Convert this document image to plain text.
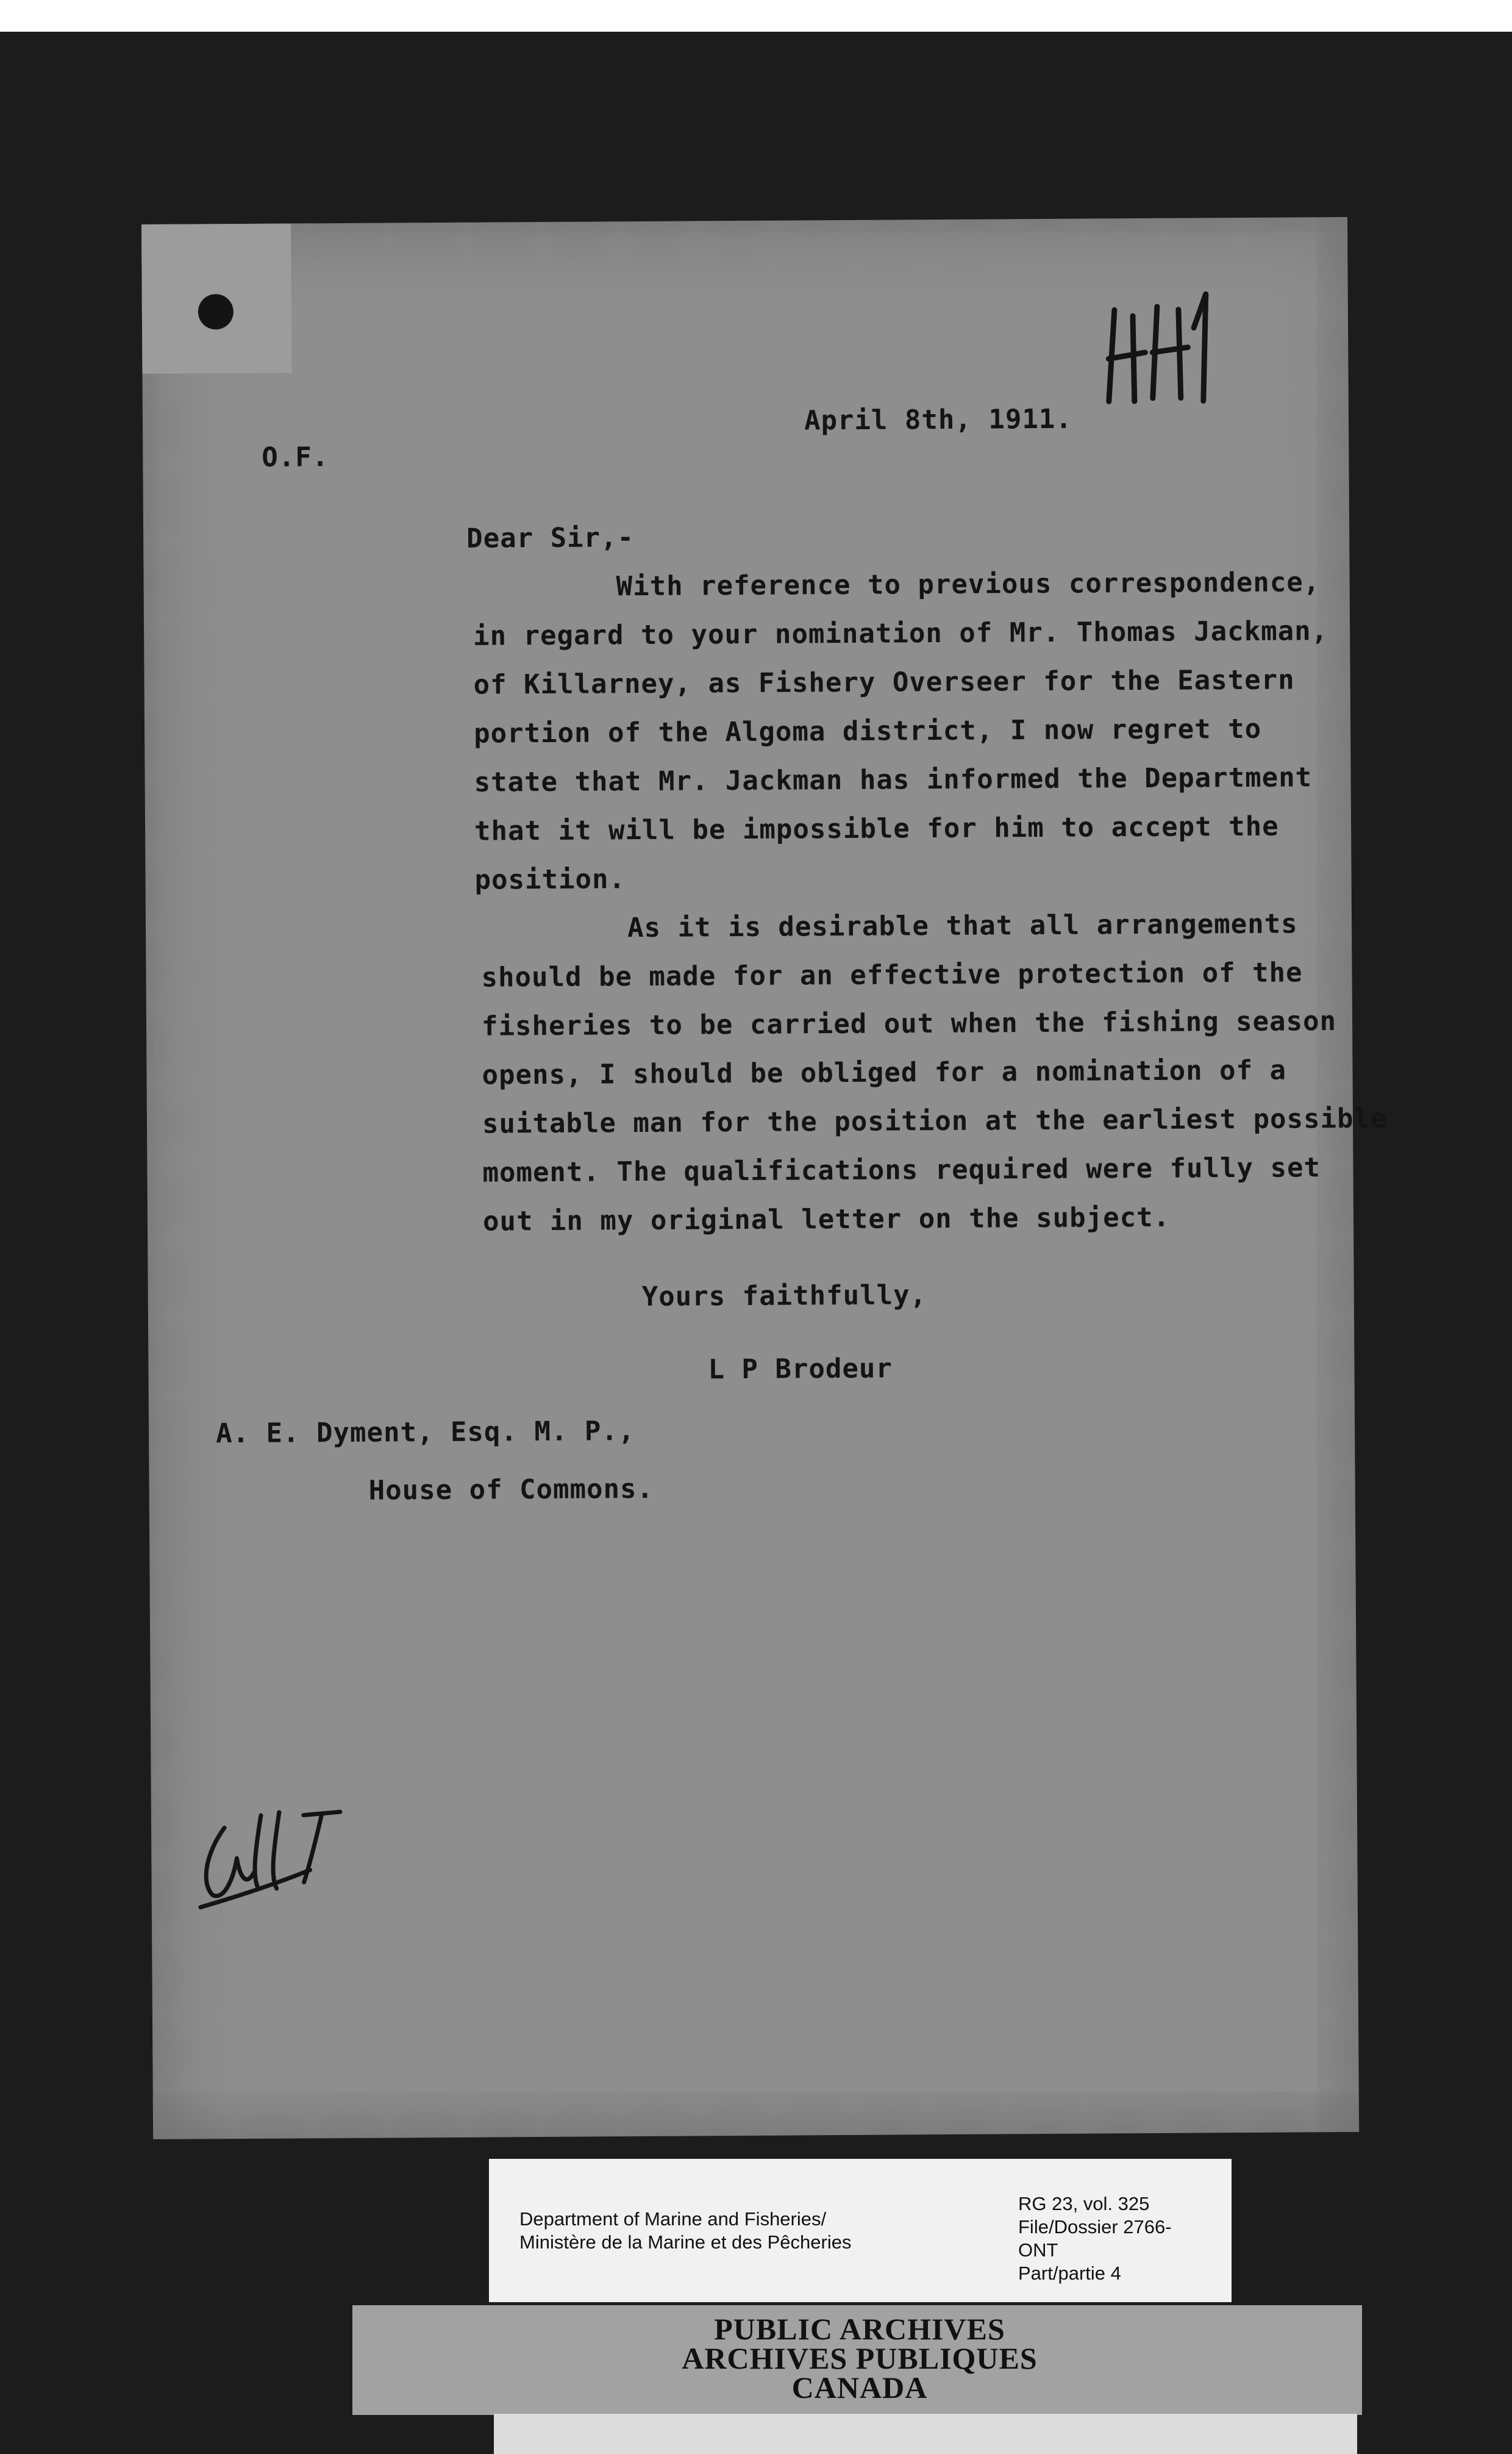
O.F.
April 8th, 1911.
Dear Sir,-
With reference to previous correspondence,
in regard to your nomination of Mr. Thomas Jackman,
of Killarney, as Fishery Overseer for the Eastern
portion of the Algoma district, I now regret to
state that Mr. Jackman has informed the Department
that it will be impossible for him to accept the
position.
As it is desirable that all arrangements
should be made for an effective protection of the
fisheries to be carried out when the fishing season
opens, I should be obliged for a nomination of a
suitable man for the position at the earliest possible
moment. The qualifications required were fully set
out in my original letter on the subject.
Yours faithfully,
L P Brodeur
A. E. Dyment, Esq. M. P.,
House of Commons.
Department of Marine and Fisheries/
Ministère de la Marine et des Pêcheries
RG 23, vol. 325
File/Dossier 2766-
ONT
Part/partie 4
PUBLIC ARCHIVES
ARCHIVES PUBLIQUES
CANADA
